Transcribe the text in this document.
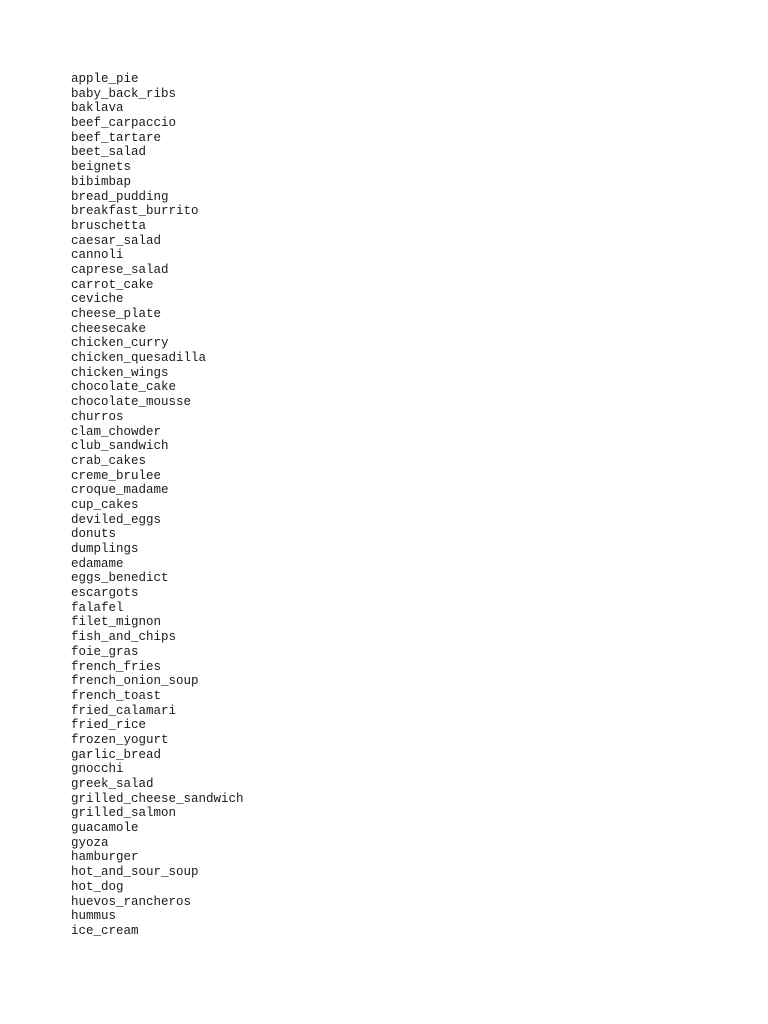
apple_pie
baby_back_ribs
baklava
beef_carpaccio
beef_tartare
beet_salad
beignets
bibimbap
bread_pudding
breakfast_burrito
bruschetta
caesar_salad
cannoli
caprese_salad
carrot_cake
ceviche
cheese_plate
cheesecake
chicken_curry
chicken_quesadilla
chicken_wings
chocolate_cake
chocolate_mousse
churros
clam_chowder
club_sandwich
crab_cakes
creme_brulee
croque_madame
cup_cakes
deviled_eggs
donuts
dumplings
edamame
eggs_benedict
escargots
falafel
filet_mignon
fish_and_chips
foie_gras
french_fries
french_onion_soup
french_toast
fried_calamari
fried_rice
frozen_yogurt
garlic_bread
gnocchi
greek_salad
grilled_cheese_sandwich
grilled_salmon
guacamole
gyoza
hamburger
hot_and_sour_soup
hot_dog
huevos_rancheros
hummus
ice_cream
